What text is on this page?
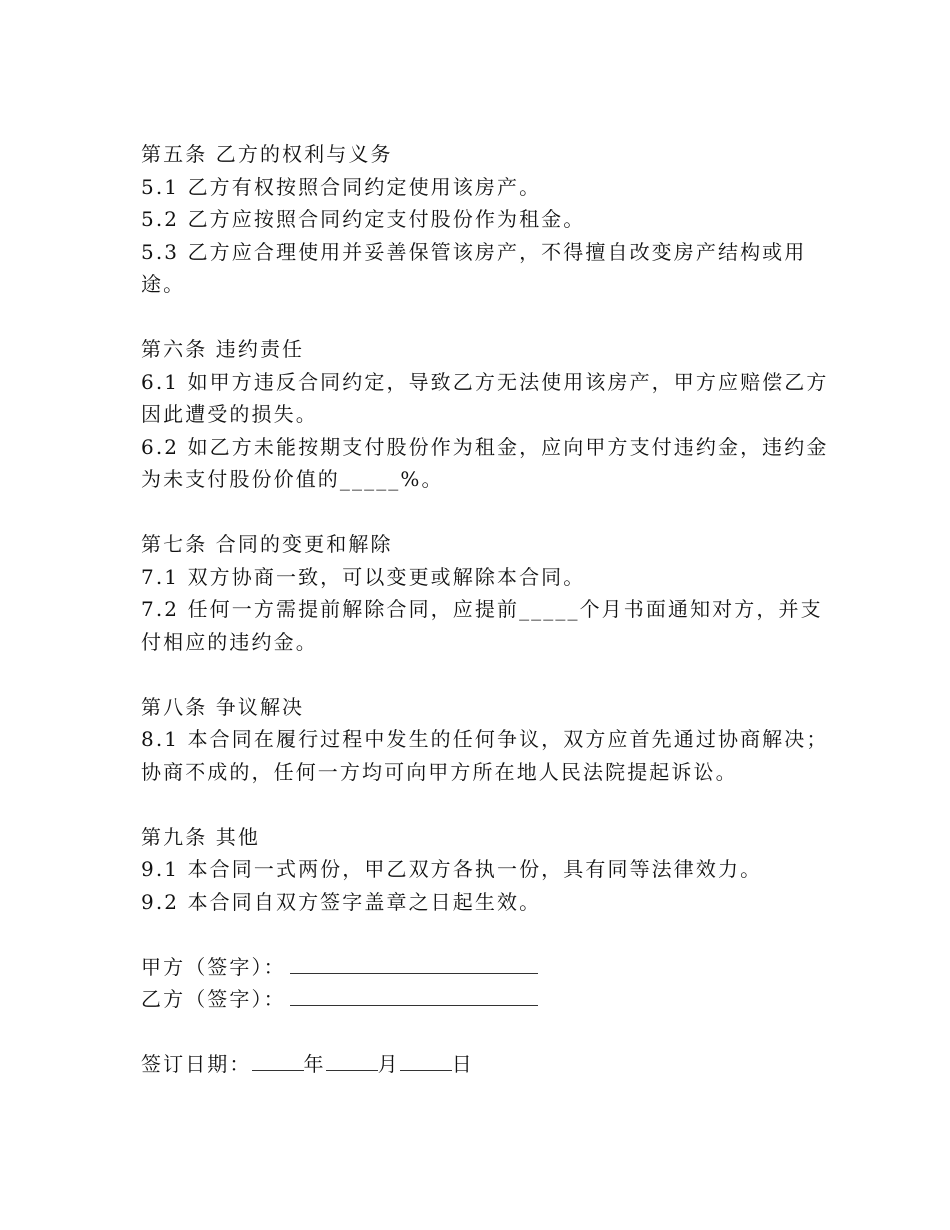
第五条 乙方的权利与义务

5.1 乙方有权按照合同约定使用该房产。

5.2 乙方应按照合同约定支付股份作为租金。

5.3 乙方应合理使用并妥善保管该房产，不得擅自改变房产结构或用途。

第六条 违约责任

6.1 如甲方违反合同约定，导致乙方无法使用该房产，甲方应赔偿乙方因此遭受的损失。

6.2 如乙方未能按期支付股份作为租金，应向甲方支付违约金，违约金为未支付股份价值的_____%。

第七条 合同的变更和解除

7.1 双方协商一致，可以变更或解除本合同。

7.2 任何一方需提前解除合同，应提前_____个月书面通知对方，并支付相应的违约金。

第八条 争议解决

8.1 本合同在履行过程中发生的任何争议，双方应首先通过协商解决；协商不成的，任何一方均可向甲方所在地人民法院提起诉讼。

第九条 其他

9.1 本合同一式两份，甲乙双方各执一份，具有同等法律效力。

9.2 本合同自双方签字盖章之日起生效。

甲方（签字）：
乙方（签字）：
签订日期：	年	月	日
